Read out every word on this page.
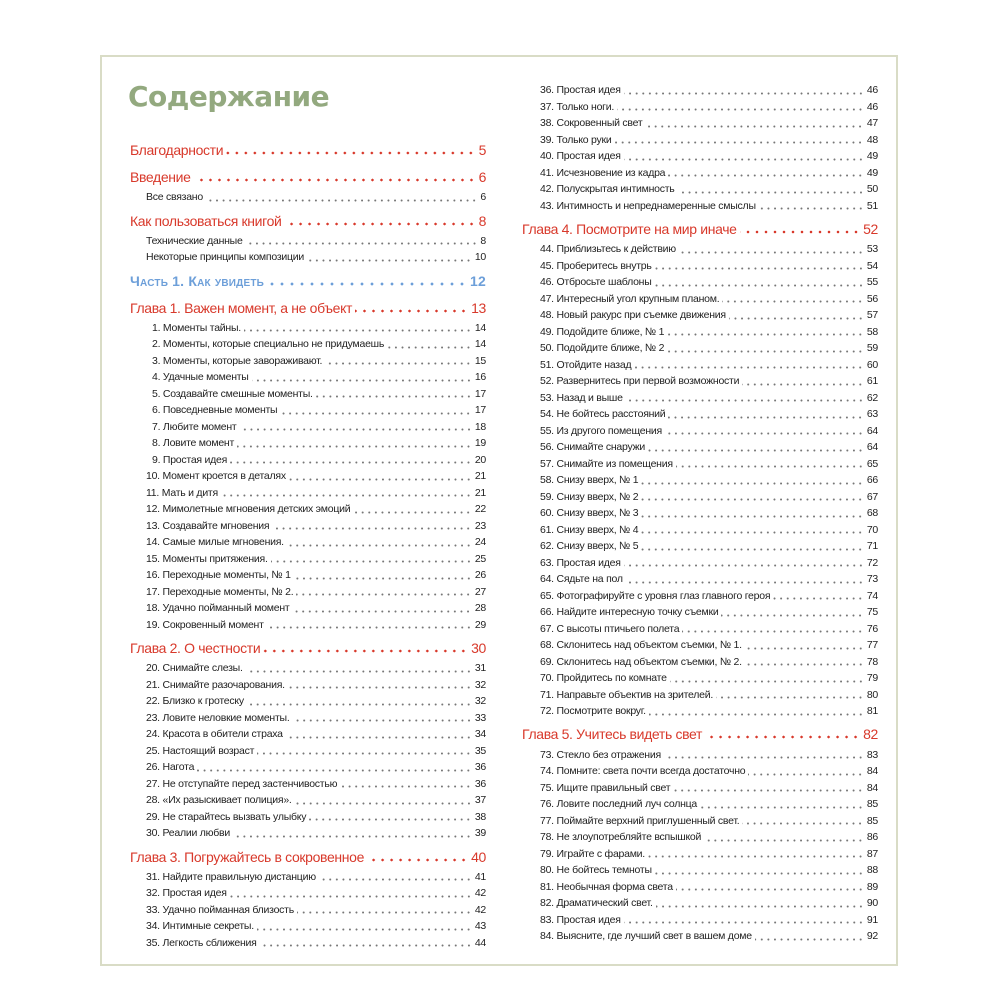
Содержание
Благодарности	5
Введение	6
Все связано	6
Как пользоваться книгой	8
Технические данные	8
Некоторые принципы композиции	10
Часть 1. Как увидеть	12
Глава 1. Важен момент, а не объект	13
1. Моменты тайны.	14
2. Моменты, которые специально не придумаешь	14
3. Моменты, которые завораживают.	15
4. Удачные моменты	16
5. Создавайте смешные моменты.	17
6. Повседневные моменты	17
7. Любите момент	18
8. Ловите момент	19
9. Простая идея	20
10. Момент кроется в деталях	21
11. Мать и дитя	21
12. Мимолетные мгновения детских эмоций	22
13. Создавайте мгновения	23
14. Самые милые мгновения.	24
15. Моменты притяжения.	25
16. Переходные моменты, № 1	26
17. Переходные моменты, № 2.	27
18. Удачно пойманный момент	28
19. Сокровенный момент	29
Глава 2. О честности	30
20. Снимайте слезы.	31
21. Снимайте разочарования.	32
22. Близко к гротеску	32
23. Ловите неловкие моменты.	33
24. Красота в обители страха	34
25. Настоящий возраст	35
26. Нагота	36
27. Не отступайте перед застенчивостью	36
28. «Их разыскивает полиция».	37
29. Не старайтесь вызвать улыбку	38
30. Реалии любви	39
Глава 3. Погружайтесь в сокровенное	40
31. Найдите правильную дистанцию	41
32. Простая идея	42
33. Удачно пойманная близость	42
34. Интимные секреты.	43
35. Легкость сближения	44
36. Простая идея	46
37. Только ноги.	46
38. Сокровенный свет	47
39. Только руки	48
40. Простая идея	49
41. Исчезновение из кадра	49
42. Полускрытая интимность	50
43. Интимность и непреднамеренные смыслы	51
Глава 4. Посмотрите на мир иначе	52
44. Приблизьтесь к действию	53
45. Проберитесь внутрь	54
46. Отбросьте шаблоны	55
47. Интересный угол крупным планом.	56
48. Новый ракурс при съемке движения	57
49. Подойдите ближе, № 1	58
50. Подойдите ближе, № 2	59
51. Отойдите назад	60
52. Развернитесь при первой возможности	61
53. Назад и выше	62
54. Не бойтесь расстояний	63
55. Из другого помещения	64
56. Снимайте снаружи	64
57. Снимайте из помещения	65
58. Снизу вверх, № 1	66
59. Снизу вверх, № 2	67
60. Снизу вверх, № 3	68
61. Снизу вверх, № 4	70
62. Снизу вверх, № 5	71
63. Простая идея	72
64. Сядьте на пол	73
65. Фотографируйте с уровня глаз главного героя	74
66. Найдите интересную точку съемки	75
67. С высоты птичьего полета	76
68. Склонитесь над объектом съемки, № 1.	77
69. Склонитесь над объектом съемки, № 2.	78
70. Пройдитесь по комнате	79
71. Направьте объектив на зрителей.	80
72. Посмотрите вокруг.	81
Глава 5. Учитесь видеть свет	82
73. Стекло без отражения	83
74. Помните: света почти всегда достаточно	84
75. Ищите правильный свет	84
76. Ловите последний луч солнца	85
77. Поймайте верхний приглушенный свет.	85
78. Не злоупотребляйте вспышкой	86
79. Играйте с фарами.	87
80. Не бойтесь темноты	88
81. Необычная форма света	89
82. Драматический свет.	90
83. Простая идея	91
84. Выясните, где лучший свет в вашем доме	92
